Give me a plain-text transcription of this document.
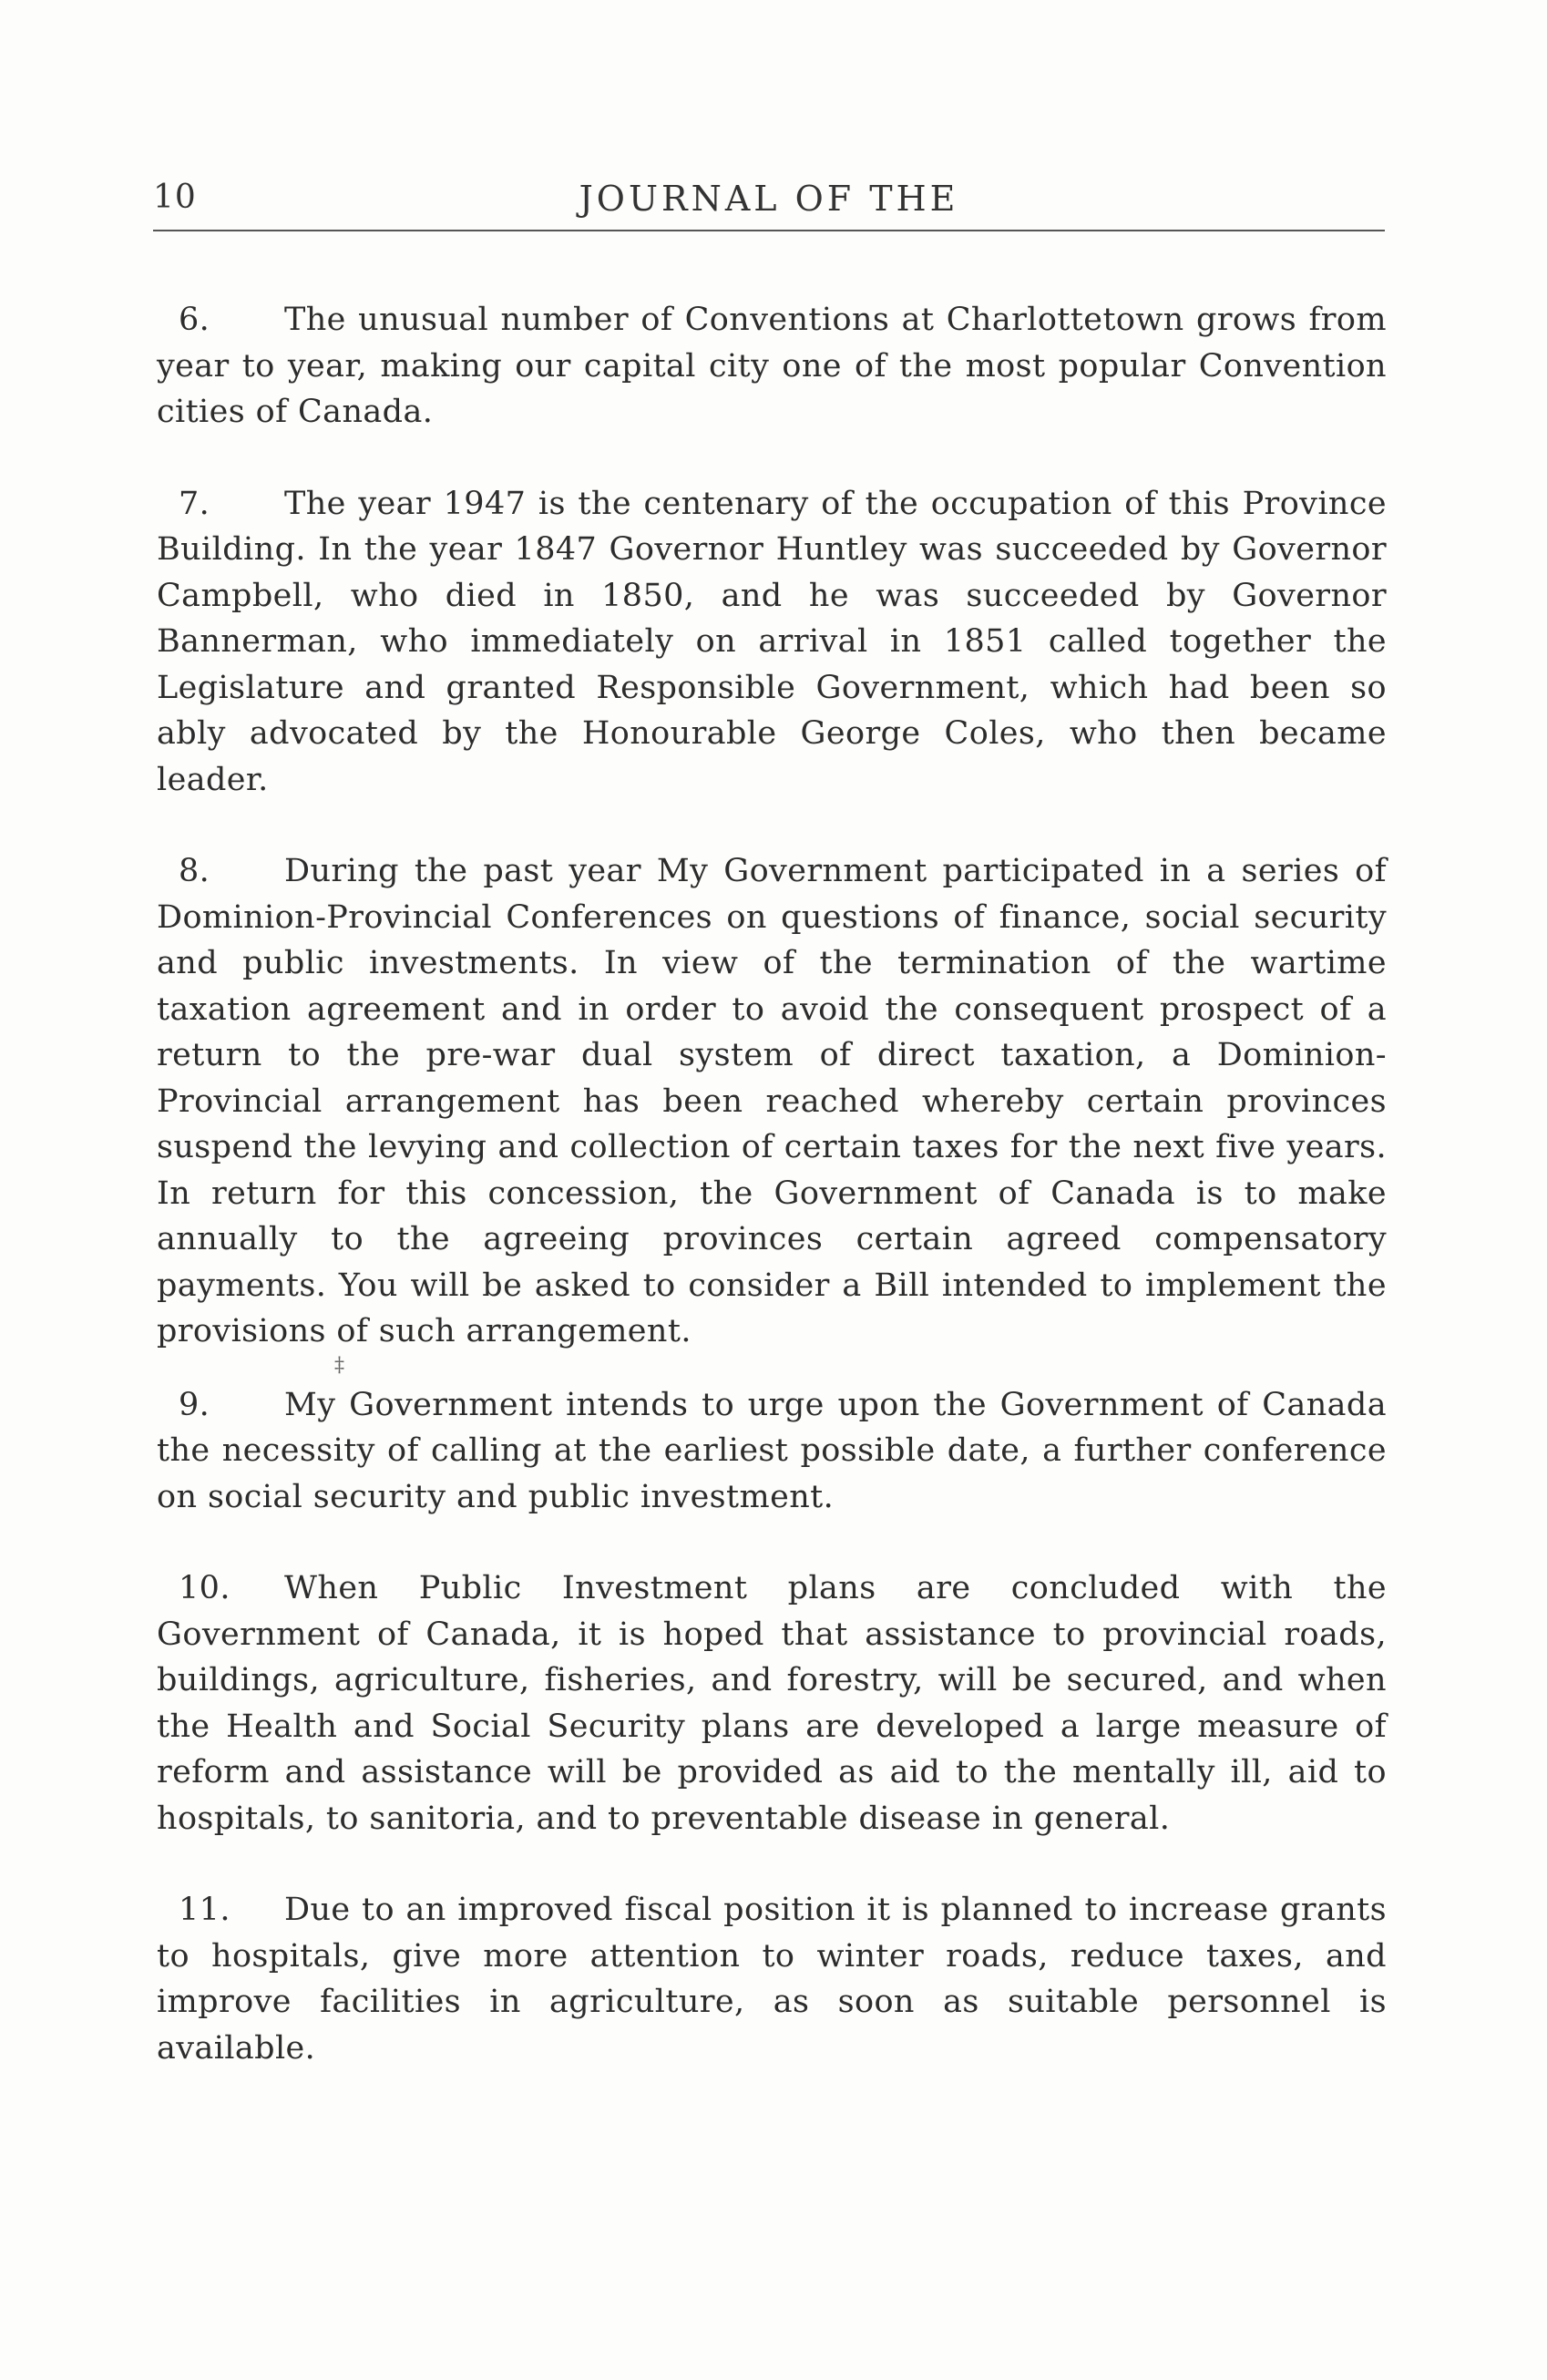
10	JOURNAL OF THE

6. The unusual number of Conventions at Charlottetown grows from year to year, making our capital city one of the most popular Convention cities of Canada.

7. The year 1947 is the centenary of the occupation of this Province Building. In the year 1847 Governor Huntley was succeeded by Governor Campbell, who died in 1850, and he was succeeded by Governor Bannerman, who immediately on arrival in 1851 called together the Legislature and granted Responsible Government, which had been so ably advocated by the Honourable George Coles, who then became leader.

8. During the past year My Government participated in a series of Dominion-Provincial Conferences on questions of finance, social security and public investments. In view of the termination of the wartime taxation agreement and in order to avoid the consequent prospect of a return to the pre-war dual system of direct taxation, a Dominion-Provincial arrangement has been reached whereby certain provinces suspend the levying and collection of certain taxes for the next five years. In return for this concession, the Government of Canada is to make annually to the agreeing provinces certain agreed compensatory payments. You will be asked to consider a Bill intended to implement the provisions of such arrangement.

‡

9. My Government intends to urge upon the Government of Canada the necessity of calling at the earliest possible date, a further conference on social security and public investment.

10. When Public Investment plans are concluded with the Government of Canada, it is hoped that assistance to provincial roads, buildings, agriculture, fisheries, and forestry, will be secured, and when the Health and Social Security plans are developed a large measure of reform and assistance will be provided as aid to the mentally ill, aid to hospitals, to sanitoria, and to preventable disease in general.

11. Due to an improved fiscal position it is planned to increase grants to hospitals, give more attention to winter roads, reduce taxes, and improve facilities in agriculture, as soon as suitable personnel is available.
